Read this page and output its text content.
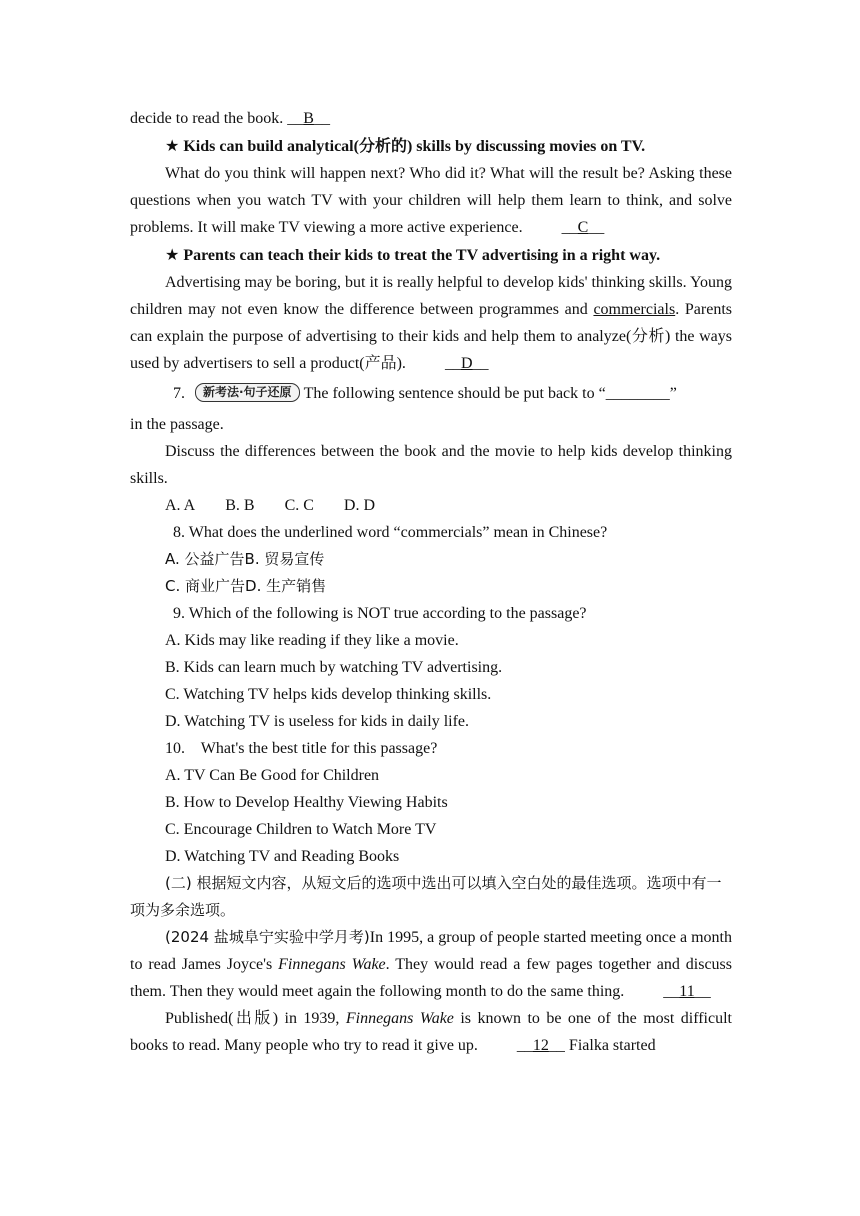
decide to read the book. __B__

★ Kids can build analytical(分析的) skills by discussing movies on TV.

What do you think will happen next? Who did it? What will the result be? Asking these questions when you watch TV with your children will help them learn to think, and solve problems. It will make TV viewing a more active experience. __C__

★ Parents can teach their kids to treat the TV advertising in a right way.

Advertising may be boring, but it is really helpful to develop kids' thinking skills. Young children may not even know the difference between programmes and commercials. Parents can explain the purpose of advertising to their kids and help them to analyze(分析) the ways used by advertisers to sell a product(产品). __D__

7. 新考法·句子还原 The following sentence should be put back to “________”

in the passage.

Discuss the differences between the book and the movie to help kids develop thinking skills.

A. A B. B C. C D. D

8. What does the underlined word “commercials” mean in Chinese?

A. 公益广告B. 贸易宣传

C. 商业广告D. 生产销售

9. Which of the following is NOT true according to the passage?

A. Kids may like reading if they like a movie.

B. Kids can learn much by watching TV advertising.

C. Watching TV helps kids develop thinking skills.

D. Watching TV is useless for kids in daily life.

10.    What's the best title for this passage?

A. TV Can Be Good for Children

B. How to Develop Healthy Viewing Habits

C. Encourage Children to Watch More TV

D. Watching TV and Reading Books

(二) 根据短文内容，从短文后的选项中选出可以填入空白处的最佳选项。选项中有一项为多余选项。

(2024 盐城阜宁实验中学月考)In 1995, a group of people started meeting once a month to read James Joyce's Finnegans Wake. They would read a few pages together and discuss them. Then they would meet again the following month to do the same thing. __11__

Published(出版) in 1939, Finnegans Wake is known to be one of the most difficult books to read. Many people who try to read it give up. __12__ Fialka started
